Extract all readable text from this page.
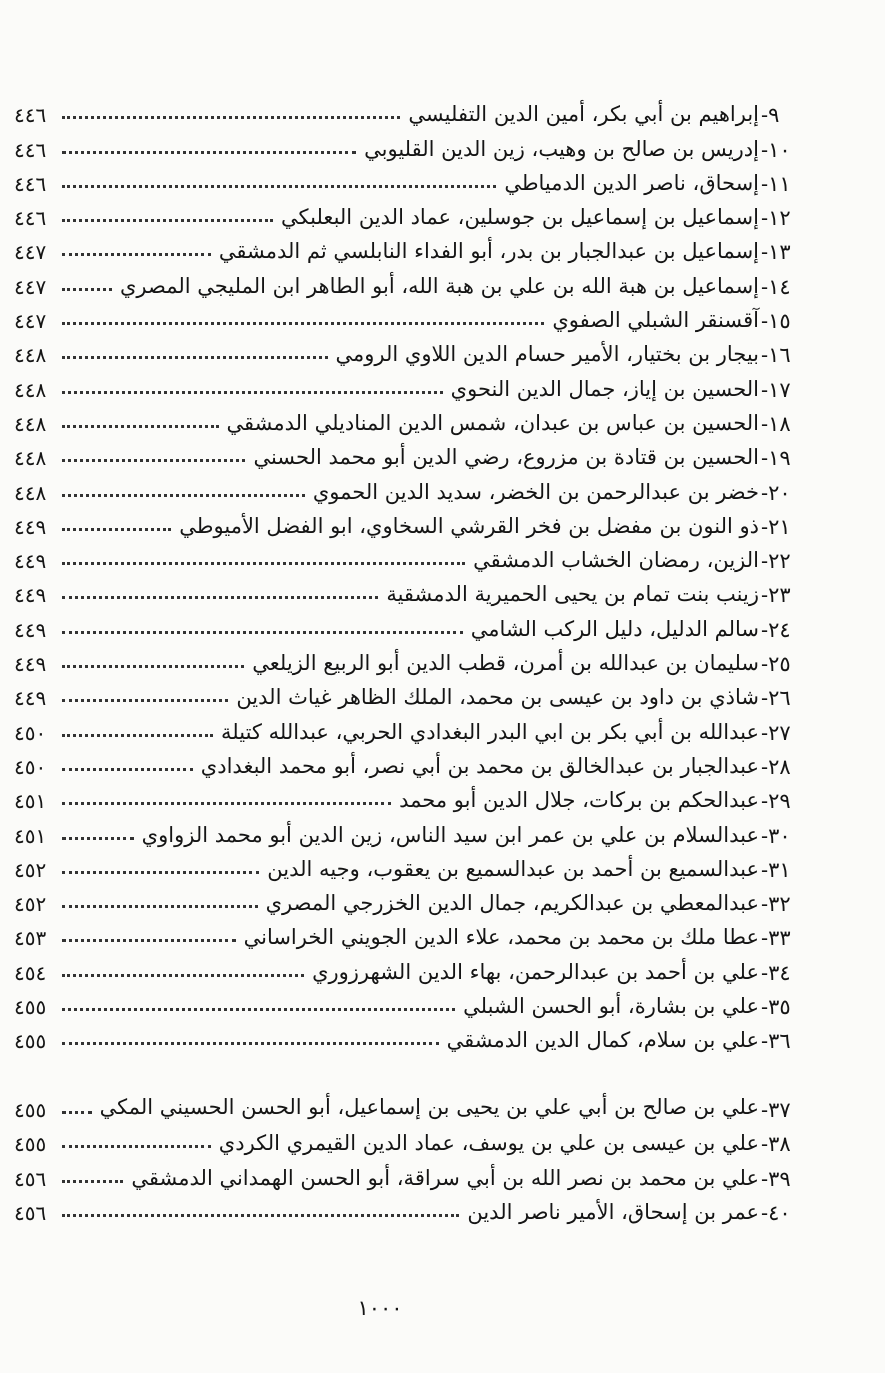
٤٤٦	إبراهيم بن أبي بكر، أمين الدين التفليسي -٩
٤٤٦	إدريس بن صالح بن وهيب، زين الدين القليوبي -١٠
٤٤٦	إسحاق، ناصر الدين الدمياطي -١١
٤٤٦	إسماعيل بن إسماعيل بن جوسلين، عماد الدين البعلبكي -١٢
٤٤٧	إسماعيل بن عبدالجبار بن بدر، أبو الفداء النابلسي ثم الدمشقي -١٣
٤٤٧	إسماعيل بن هبة الله بن علي بن هبة الله، أبو الطاهر ابن المليجي المصري -١٤
٤٤٧	آقسنقر الشبلي الصفوي -١٥
٤٤٨	بيجار بن بختيار، الأمير حسام الدين اللاوي الرومي -١٦
٤٤٨	الحسين بن إياز، جمال الدين النحوي -١٧
٤٤٨	الحسين بن عباس بن عبدان، شمس الدين المناديلي الدمشقي -١٨
٤٤٨	الحسين بن قتادة بن مزروع، رضي الدين أبو محمد الحسني -١٩
٤٤٨	خضر بن عبدالرحمن بن الخضر، سديد الدين الحموي -٢٠
٤٤٩	ذو النون بن مفضل بن فخر القرشي السخاوي، ابو الفضل الأميوطي -٢١
٤٤٩	الزين، رمضان الخشاب الدمشقي -٢٢
٤٤٩	زينب بنت تمام بن يحيى الحميرية الدمشقية -٢٣
٤٤٩	سالم الدليل، دليل الركب الشامي -٢٤
٤٤٩	سليمان بن عبدالله بن أمرن، قطب الدين أبو الربيع الزيلعي -٢٥
٤٤٩	شاذي بن داود بن عيسى بن محمد، الملك الظاهر غياث الدين -٢٦
٤٥٠	عبدالله بن أبي بكر بن ابي البدر البغدادي الحربي، عبدالله كتيلة -٢٧
٤٥٠	عبدالجبار بن عبدالخالق بن محمد بن أبي نصر، أبو محمد البغدادي -٢٨
٤٥١	عبدالحكم بن بركات، جلال الدين أبو محمد -٢٩
٤٥١	عبدالسلام بن علي بن عمر ابن سيد الناس، زين الدين أبو محمد الزواوي -٣٠
٤٥٢	عبدالسميع بن أحمد بن عبدالسميع بن يعقوب، وجيه الدين -٣١
٤٥٢	عبدالمعطي بن عبدالكريم، جمال الدين الخزرجي المصري -٣٢
٤٥٣	عطا ملك بن محمد بن محمد، علاء الدين الجويني الخراساني -٣٣
٤٥٤	علي بن أحمد بن عبدالرحمن، بهاء الدين الشهرزوري -٣٤
٤٥٥	علي بن بشارة، أبو الحسن الشبلي -٣٥
٤٥٥	علي بن سلام، كمال الدين الدمشقي -٣٦
٤٥٥	علي بن صالح بن أبي علي بن يحيى بن إسماعيل، أبو الحسن الحسيني المكي -٣٧
٤٥٥	علي بن عيسى بن علي بن يوسف، عماد الدين القيمري الكردي -٣٨
٤٥٦	علي بن محمد بن نصر الله بن أبي سراقة، أبو الحسن الهمداني الدمشقي -٣٩
٤٥٦	عمر بن إسحاق، الأمير ناصر الدين -٤٠
١٠٠٠
